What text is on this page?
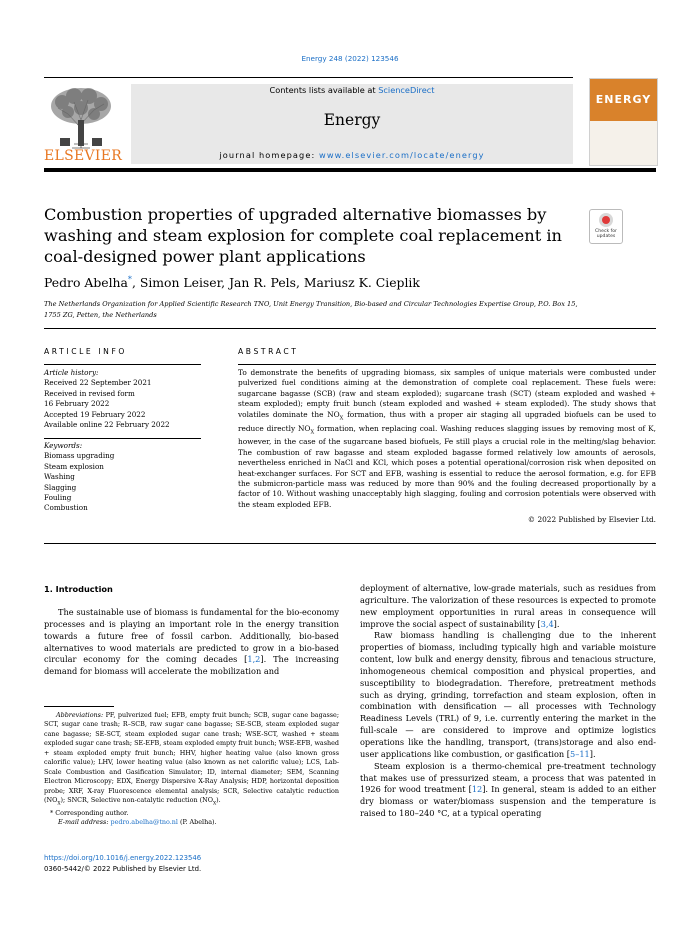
Energy 248 (2022) 123546
ELSEVIER
Contents lists available at ScienceDirect
Energy
journal homepage: www.elsevier.com/locate/energy
ENERGY
Combustion properties of upgraded alternative biomasses by washing and steam explosion for complete coal replacement in coal-designed power plant applications
Check for updates
Pedro Abelha*, Simon Leiser, Jan R. Pels, Mariusz K. Cieplik
The Netherlands Organization for Applied Scientific Research TNO, Unit Energy Transition, Bio-based and Circular Technologies Expertise Group, P.O. Box 15, 1755 ZG, Petten, the Netherlands
ARTICLE INFO
Article history:
Received 22 September 2021
Received in revised form
16 February 2022
Accepted 19 February 2022
Available online 22 February 2022
Keywords:
Biomass upgrading
Steam explosion
Washing
Slagging
Fouling
Combustion
ABSTRACT
To demonstrate the benefits of upgrading biomass, six samples of unique materials were combusted under pulverized fuel conditions aiming at the demonstration of complete coal replacement. These fuels were: sugarcane bagasse (SCB) (raw and steam exploded); sugarcane trash (SCT) (steam exploded and washed + steam exploded); empty fruit bunch (steam exploded and washed + steam exploded). The study shows that volatiles dominate the $NO_X$ formation, thus with a proper air staging all upgraded biofuels can be used to reduce directly $NO_X$ formation, when replacing coal. Washing reduces slagging issues by removing most of K, however, in the case of the sugarcane based biofuels, Fe still plays a crucial role in the melting/slag behavior. The combustion of raw bagasse and steam exploded bagasse formed relatively low amounts of aerosols, nevertheless enriched in NaCl and KCl, which poses a potential operational/corrosion risk when deposited on heat-exchanger surfaces. For SCT and EFB, washing is essential to reduce the aerosol formation, e.g. for EFB the submicron-particle mass was reduced by more than 90% and the fouling decreased proportionally by a factor of 10. Without washing unacceptably high slagging, fouling and corrosion potentials were observed with the steam exploded EFB.
© 2022 Published by Elsevier Ltd.
1. Introduction

The sustainable use of biomass is fundamental for the bio-economy processes and is playing an important role in the energy transition towards a future free of fossil carbon. Additionally, bio-based alternatives to wood materials are predicted to grow in a bio-based circular economy for the coming decades [1,2]. The increasing demand for biomass will accelerate the mobilization and

deployment of alternative, low-grade materials, such as residues from agriculture. The valorization of these resources is expected to promote new employment opportunities in rural areas in consequence will improve the social aspect of sustainability [3,4].

Raw biomass handling is challenging due to the inherent properties of biomass, including typically high and variable moisture content, low bulk and energy density, fibrous and tenacious structure, inhomogeneous chemical composition and physical properties, and susceptibility to biodegradation. Therefore, pretreatment methods such as drying, grinding, torrefaction and steam explosion, often in combination with densification — all processes with Technology Readiness Levels (TRL) of 9, i.e. currently entering the market in the full-scale — are considered to improve and optimize logistics operations like the handling, transport, (trans)storage and also end-user applications like combustion, or gasification [5–11].

Steam explosion is a thermo-chemical pre-treatment technology that makes use of pressurized steam, a process that was patented in 1926 for wood treatment [12]. In general, steam is added to an either dry biomass or water/biomass suspension and the temperature is raised to 180–240 °C, at a typical operating

Abbreviations: PF, pulverized fuel; EFB, empty fruit bunch; SCB, sugar cane bagasse; SCT, sugar cane trash; R–SCB, raw sugar cane bagasse; SE-SCB, steam exploded sugar cane bagasse; SE-SCT, steam exploded sugar cane trash; WSE-SCT, washed + steam exploded sugar cane trash; SE-EFB, steam exploded empty fruit bunch; WSE-EFB, washed + steam exploded empty fruit bunch; HHV, higher heating value (also known gross calorific value); LHV, lower heating value (also known as net calorific value); LCS, Lab-Scale Combustion and Gasification Simulator; ID, internal diameter; SEM, Scanning Electron Microscopy; EDX, Energy Dispersive X-Ray Analysis; HDP, horizontal deposition probe; XRF, X-ray Fluorescence elemental analysis; SCR, Selective catalytic reduction $(NO_X)$; SNCR, Selective non-catalytic reduction $(NO_X)$.

* Corresponding author.

E-mail address: pedro.abelha@tno.nl (P. Abelha).

https://doi.org/10.1016/j.energy.2022.123546
0360-5442/© 2022 Published by Elsevier Ltd.
